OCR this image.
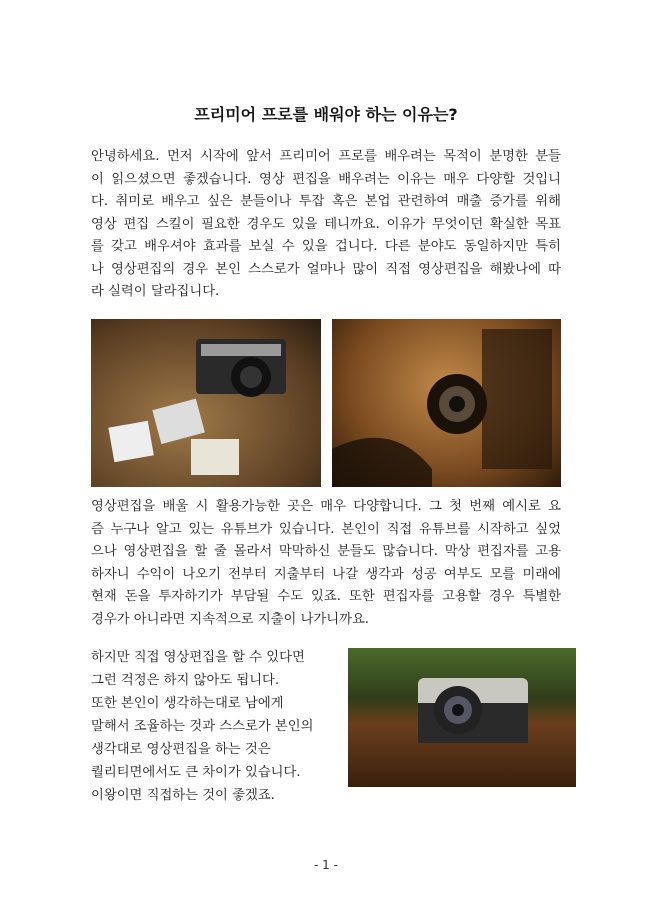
프리미어 프로를 배워야 하는 이유는?
안녕하세요. 먼저 시작에 앞서 프리미어 프로를 배우려는 목적이 분명한 분들
이 읽으셨으면 좋겠습니다. 영상 편집을 배우려는 이유는 매우 다양할 것입니
다. 취미로 배우고 싶은 분들이나 투잡 혹은 본업 관련하여 매출 증가를 위해
영상 편집 스킬이 필요한 경우도 있을 테니까요. 이유가 무엇이던 확실한 목표
를 갖고 배우셔야 효과를 보실 수 있을 겁니다. 다른 분야도 동일하지만 특히
나 영상편집의 경우 본인 스스로가 얼마나 많이 직접 영상편집을 해봤나에 따
라 실력이 달라집니다.
영상편집을 배울 시 활용가능한 곳은 매우 다양합니다. 그 첫 번째 예시로 요
즘 누구나 알고 있는 유튜브가 있습니다. 본인이 직접 유튜브를 시작하고 싶었
으나 영상편집을 할 줄 몰라서 막막하신 분들도 많습니다. 막상 편집자를 고용
하자니 수익이 나오기 전부터 지출부터 나갈 생각과 성공 여부도 모를 미래에
현재 돈을 투자하기가 부담될 수도 있죠. 또한 편집자를 고용할 경우 특별한
경우가 아니라면 지속적으로 지출이 나가니까요.
하지만 직접 영상편집을 할 수 있다면
그런 걱정은 하지 않아도 됩니다.
또한 본인이 생각하는대로 남에게
말해서 조율하는 것과 스스로가 본인의
생각대로 영상편집을 하는 것은
퀄리티면에서도 큰 차이가 있습니다.
이왕이면 직접하는 것이 좋겠죠.
- 1 -
